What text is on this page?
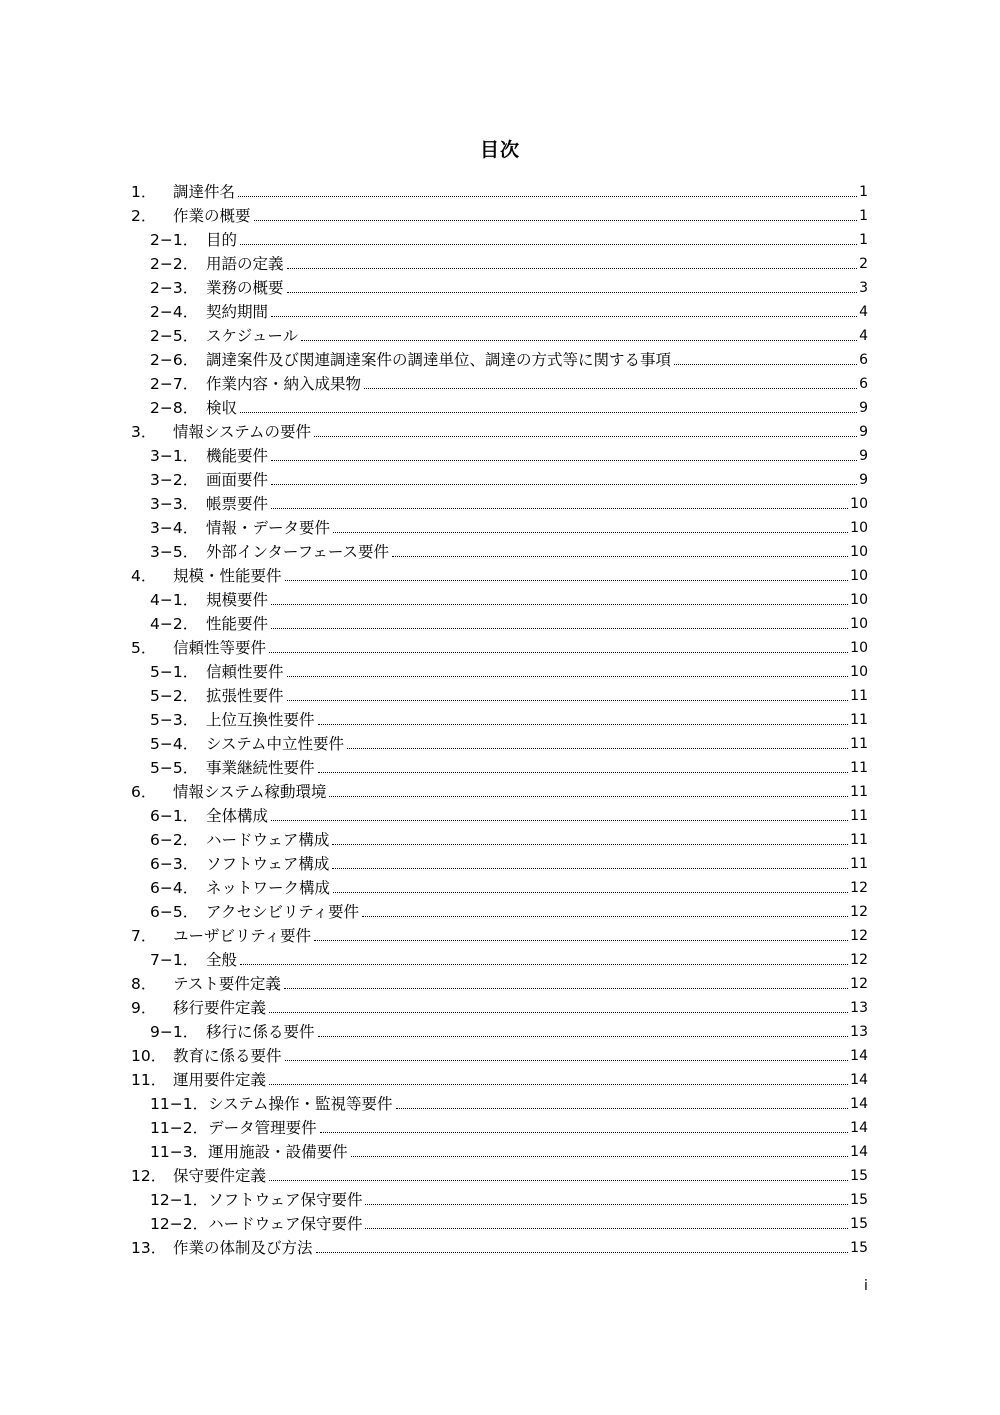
目次
1．	調達件名	1
2．	作業の概要	1
2−1． 目的	1
2−2． 用語の定義	2
2−3． 業務の概要	3
2−4． 契約期間	4
2−5． スケジュール	4
2−6． 調達案件及び関連調達案件の調達単位、調達の方式等に関する事項	6
2−7． 作業内容・納入成果物	6
2−8． 検収	9
3．	情報システムの要件	9
3−1． 機能要件	9
3−2． 画面要件	9
3−3． 帳票要件	10
3−4． 情報・データ要件	10
3−5． 外部インターフェース要件	10
4．	規模・性能要件	10
4−1． 規模要件	10
4−2． 性能要件	10
5．	信頼性等要件	10
5−1． 信頼性要件	10
5−2． 拡張性要件	11
5−3． 上位互換性要件	11
5−4． システム中立性要件	11
5−5． 事業継続性要件	11
6．	情報システム稼動環境	11
6−1． 全体構成	11
6−2． ハードウェア構成	11
6−3． ソフトウェア構成	11
6−4． ネットワーク構成	12
6−5． アクセシビリティ要件	12
7．	ユーザビリティ要件	12
7−1． 全般	12
8．	テスト要件定義	12
9．	移行要件定義	13
9−1． 移行に係る要件	13
10． 教育に係る要件	14
11． 運用要件定義	14
11−1． システム操作・監視等要件	14
11−2． データ管理要件	14
11−3． 運用施設・設備要件	14
12． 保守要件定義	15
12−1． ソフトウェア保守要件	15
12−2． ハードウェア保守要件	15
13． 作業の体制及び方法	15
i
